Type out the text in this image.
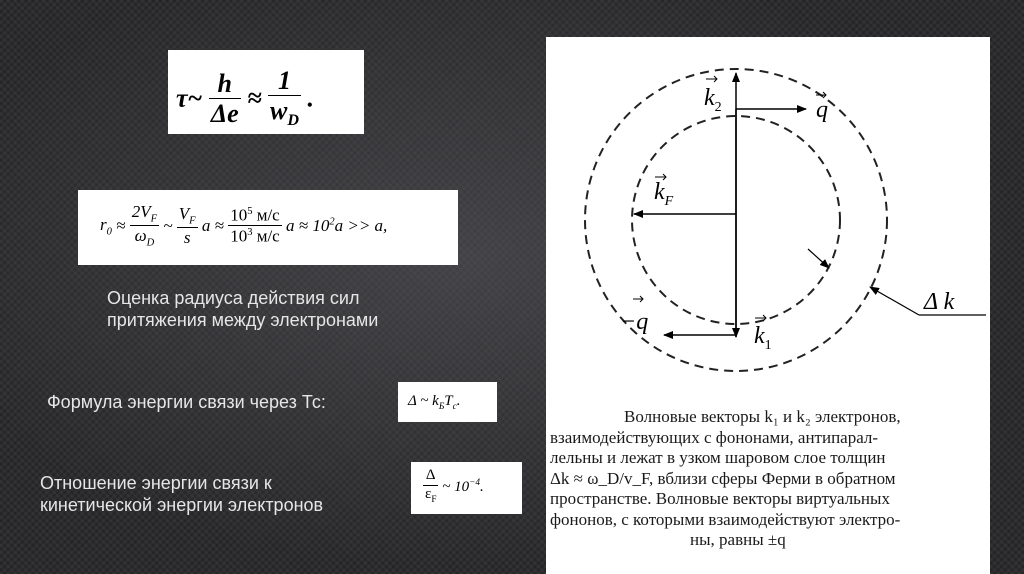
τ~ $\frac{h}{\Delta e} \approx \frac{1}{w_D}$ .
$r_0 \approx \frac{2V_F}{\omega_D}$ ~ $\frac{V_F}{s}$ $a \approx \frac{10^5 м/с}{10^3 м/с}$ $a \approx 10^2a >> a$,
Оценка радиуса действия сил притяжения между электронами
Формула энергии связи через Тс:	Δ ~ $k_БT_c$.
Отношение энергии связи к
кинетической энергии электронов	$\frac{\Delta}{\varepsilon_F}$ ~ $10^{-4}$.
$k_2$	q
$k_F$
−q
$k_1$
Δ k
Волновые векторы k₁ и k₂ электронов,
взаимодействующих с фононами, антипарал-
лельны и лежат в узком шаровом слое толщин
Δk ≈ ω_D/v_F, вблизи сферы Ферми в обратном
пространстве. Волновые векторы виртуальных
фононов, с которыми взаимодействуют электро-
ны, равны ±q
